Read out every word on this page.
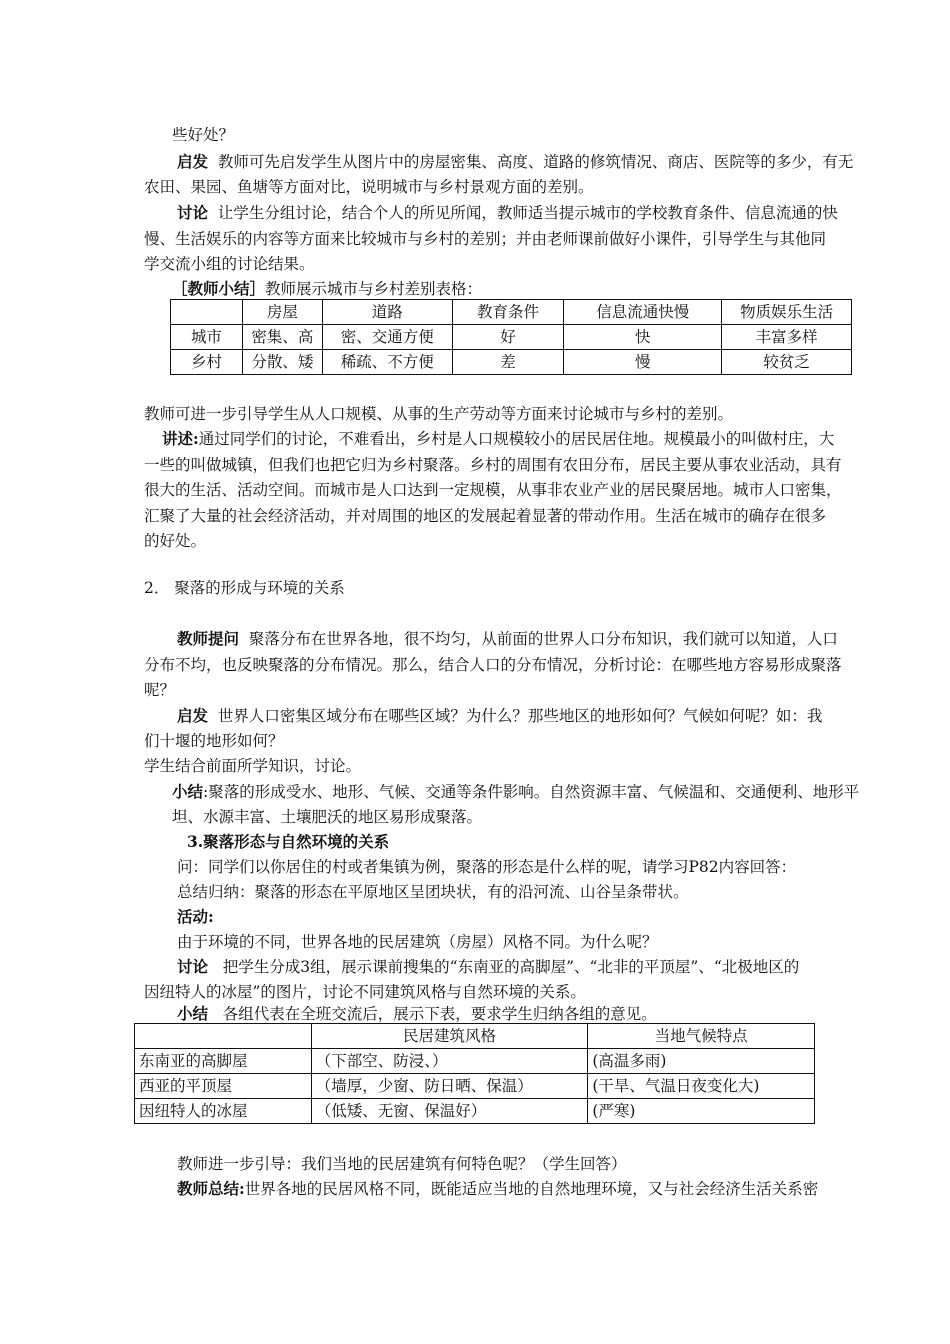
些好处？
启发 教师可先启发学生从图片中的房屋密集、高度、道路的修筑情况、商店、医院等的多少，有无
农田、果园、鱼塘等方面对比，说明城市与乡村景观方面的差别。
讨论 让学生分组讨论，结合个人的所见所闻，教师适当提示城市的学校教育条件、信息流通的快
慢、生活娱乐的内容等方面来比较城市与乡村的差别；并由老师课前做好小课件，引导学生与其他同
学交流小组的讨论结果。
［教师小结］教师展示城市与乡村差别表格：
	房屋	道路	教育条件	信息流通快慢	物质娱乐生活
城市	密集、高	密、交通方便	好	快	丰富多样
乡村	分散、矮	稀疏、不方便	差	慢	较贫乏
教师可进一步引导学生从人口规模、从事的生产劳动等方面来讨论城市与乡村的差别。
讲述:通过同学们的讨论，不难看出，乡村是人口规模较小的居民居住地。规模最小的叫做村庄，大
一些的叫做城镇，但我们也把它归为乡村聚落。乡村的周围有农田分布，居民主要从事农业活动，具有
很大的生活、活动空间。而城市是人口达到一定规模，从事非农业产业的居民聚居地。城市人口密集，
汇聚了大量的社会经济活动，并对周围的地区的发展起着显著的带动作用。生活在城市的确存在很多
的好处。
2． 聚落的形成与环境的关系
教师提问 聚落分布在世界各地，很不均匀，从前面的世界人口分布知识，我们就可以知道，人口
分布不均，也反映聚落的分布情况。那么，结合人口的分布情况，分析讨论：在哪些地方容易形成聚落
呢？
启发 世界人口密集区域分布在哪些区域？为什么？那些地区的地形如何？气候如何呢？如：我
们十堰的地形如何？
学生结合前面所学知识，讨论。
小结:聚落的形成受水、地形、气候、交通等条件影响。自然资源丰富、气候温和、交通便利、地形平
坦、水源丰富、土壤肥沃的地区易形成聚落。
3.聚落形态与自然环境的关系
问：同学们以你居住的村或者集镇为例，聚落的形态是什么样的呢，请学习P82内容回答：
总结归纳：聚落的形态在平原地区呈团块状，有的沿河流、山谷呈条带状。
活动:
由于环境的不同，世界各地的民居建筑（房屋）风格不同。为什么呢？
讨论 把学生分成3组，展示课前搜集的“东南亚的高脚屋”、“北非的平顶屋”、“北极地区的
因纽特人的冰屋”的图片，讨论不同建筑风格与自然环境的关系。
小结 各组代表在全班交流后，展示下表，要求学生归纳各组的意见。
	民居建筑风格	当地气候特点
东南亚的高脚屋	（下部空、防浸、）	(高温多雨)
西亚的平顶屋	（墙厚，少窗、防日晒、保温）	(干旱、气温日夜变化大)
因纽特人的冰屋	（低矮、无窗、保温好）	(严寒)
教师进一步引导：我们当地的民居建筑有何特色呢？（学生回答）
教师总结:世界各地的民居风格不同，既能适应当地的自然地理环境，又与社会经济生活关系密
